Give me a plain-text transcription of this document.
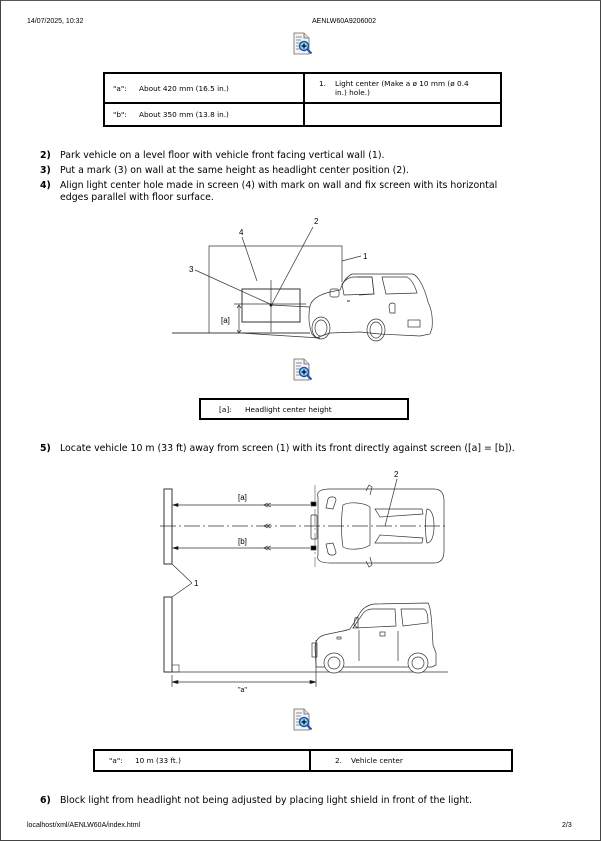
14/07/2025, 10:32	AENLW60A9206002
"a": About 420 mm (16.5 in.)	1. Light center (Make a ø 10 mm (ø 0.4
in.) hole.)

"b": About 350 mm (13.8 in.)	
2) Park vehicle on a level floor with vehicle front facing vertical wall (1).
3) Put a mark (3) on wall at the same height as headlight center position (2).
4) Align light center hole made in screen (4) with mark on wall and fix screen with its horizontal
edges parallel with floor surface.
[a]
3
4
2
1
[a]: Headlight center height
5) Locate vehicle 10 m (33 ft) away from screen (1) with its front directly against screen ([a] = [b]).
≪
≪
≪
[a]
[b]
2
1
"a"
"a": 10 m (33 ft.)	2. Vehicle center
6) Block light from headlight not being adjusted by placing light shield in front of the light.
localhost/xml/AENLW60A/index.html	2/3
